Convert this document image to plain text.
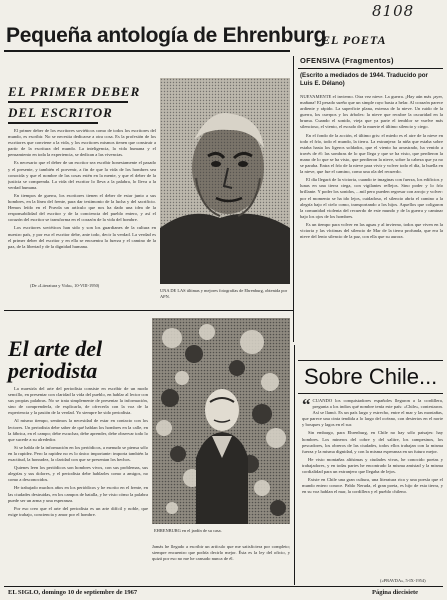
8108
Pequeña antología de Ehrenburg
EL POETA
OFENSIVA (Fragmentos)
(Escrito a mediados de 1944. Traducido por Luis E. Délano)

NUEVAMENTE el invierno. Otra vez nieve. La guerra. ¡Hay aún más ¡ayer, mañana! El pesado sueño que un simple rayo basta a helar. Al corazón parece ardiente y rápido. La superficie plana, extensa de la nieve. Un ruido de la guerra, los cuerpos y los árboles: la nieve que recubre la oscuridad en la bruma. Cuando el sonido, vieja que ya parte el temblor se vuelve más silencioso, el viento, el escudo de la muerte el último silencio y ciego.

En el fondo de la acción, el último gris: el miedo es el aire de la nieve en todo el frío, todo el mundo, la tierra. La extranjera: la niña que estaba sobre estaba hasta los ligeros soldados, que el viento ha arrastrado, ha venido a través de él: las sombras de lo que llega y que se ha visto, que perdieron la mano de lo que se ha visto, que perdieron la nieve, sobre la cabeza que ya no se paraba. Entra el frío de la nieve para vivir y volver todo el día, la huella en la nieve, que fue el camino, como una ola del recuerdo.

El día llegará de la victoria, cuando te imaginas con fuerza, los edificios y lunas en una tierra ciega, con vigilantes reflejos. Sino poder y lo frío brillante. Y poder los sonidos, ...mil pero pueden regresar con arrojo y volver: por el momento se ha ido lejos, cuidadoso, el silencio abría el camino a la alegría bajo el cielo como, transportando a los hijos. Aquellos que coligaron la comunidad violenta del recuerdo de este mundo y de la guerra y caminar bajo los ojos de los hombres.

Es un tiempo para volver en las aguas y al invierno, todos que viven en la victoria y las víctimas del silencio de Mar de la tierra profunda, que era la nieve del lento silencio de la paz, con ella que su aurora.

EL PRIMER DEBER
DEL ESCRITOR

El primer deber de los escritores soviéticos como de todos los escritores del mundo, es escribir. No se necesita dedicarse a otra cosa. Es la profesión de los escritores que conviene a la vida, y los escritores mismos tienen que construir a partir de la escritura del mundo. La inteligencia, la vida humana y el pensamiento en toda la experiencia, se dedican a las vivencias.

Es necesario que el deber de un escritor sea escribir honestamente el pasado y el presente, y también el porvenir, a fin de que la vida de los hombres sea conocida y que el nombre de las cosas estén en la mente, y que el deber de la justicia se comprenda. La vida del escritor lo lleva a la palabra, lo lleva a la verdad humana.

En tiempos de guerra, los escritores tienen el deber de estar junto a sus hombres, en la línea del frente, para dar testimonio de la lucha y del sacrificio. Hemos leído en el Pravda un artículo que nos ha dado una idea de la responsabilidad del escritor y de la conciencia del pueblo entero, y así el corazón del escritor se transforma en el corazón de la vida del hombre.

Los escritores soviéticos han sido y son los guardianes de la cultura en nuestro país, y por eso el escritor debe, ante todo, decir la verdad. La verdad es el primer deber del escritor y en ella se encuentra la fuerza y el camino de la paz, de la libertad y de la dignidad humana.

(De «Literatura y Vida», 10-VIII-1950)
UNA DE LAS últimas y mejores fotografías de Ehrenburg, obtenida por APN.
El arte del
periodista

La maestría del arte del periodista consiste en escribir de un modo sencillo, en presentar con claridad la vida del pueblo, en hablar al lector con sus propias palabras. No se trata simplemente de presentar la información, sino de comprenderla, de explicarla, de ofrecerla con la voz de la experiencia y la pasión de la verdad. Yo siempre he sido periodista.

Al mismo tiempo, sentimos la necesidad de estar en contacto con los lectores. Un periodista debe saber de qué hablan los hombres en la calle, en la fábrica, en el campo; debe escuchar, debe aprender, debe observar todo lo que sucede a su alrededor.

Si se habla de la información en los periódicos, a menudo se piensa sólo en la rapidez. Pero la rapidez no es lo único importante: importa también la exactitud, la honradez, la claridad con que se presentan los hechos.

Quienes leen los periódicos son hombres vivos, con sus problemas, sus alegrías y sus dolores, y el periodista debe hablarles como a amigos, no como a desconocidos.

He trabajado muchos años en los periódicos y he escrito en el frente, en las ciudades destruidas, en los campos de batalla, y he visto cómo la palabra puede ser un arma y una esperanza.

Por eso creo que el arte del periodista es un arte difícil y noble, que exige trabajo, conciencia y amor por el hombre.

EHRENBURG en el jardín de su casa.

Jamás he llegado a escribir un artículo que me satisficiera por completo; siempre encuentro que podría decirlo mejor. Ésta es la ley del oficio, y quizá por eso no me he cansado nunca de él.

Sobre Chile...

“ CUANDO los conquistadores españoles llegaron a la cordillera, pregunta a los indios qué nombre tenía este país: «Chile», contestaron. Así se llamó. Es un país largo y estrecho, entre el mar y las montañas, que parece una cinta tendida a lo largo del océano, con desiertos en el norte y bosques y lagos en el sur.

Sin embargo, para Ehrenburg, en Chile no hay sólo paisajes: hay hombres. Los mineros del cobre y del salitre, los campesinos, los pescadores, los obreros de las ciudades, todos ellos trabajan con la misma fuerza y la misma dignidad, y con la misma esperanza en un futuro mejor.

He visto montañas altísimas y ciudades vivas, he conocido poetas y trabajadores, y en todas partes he encontrado la misma amistad y la misma cordialidad para un extranjero que llegaba de lejos.

Existe en Chile una gran cultura, una literatura rica y una poesía que el mundo entero conoce. Pablo Neruda, el gran poeta, es hijo de esta tierra, y en su voz hablan el mar, la cordillera y el pueblo chileno.

(«PRAVDA», 5-IX-1954)
EL SIGLO, domingo 10 de septiembre de 1967	Página diecisiete
